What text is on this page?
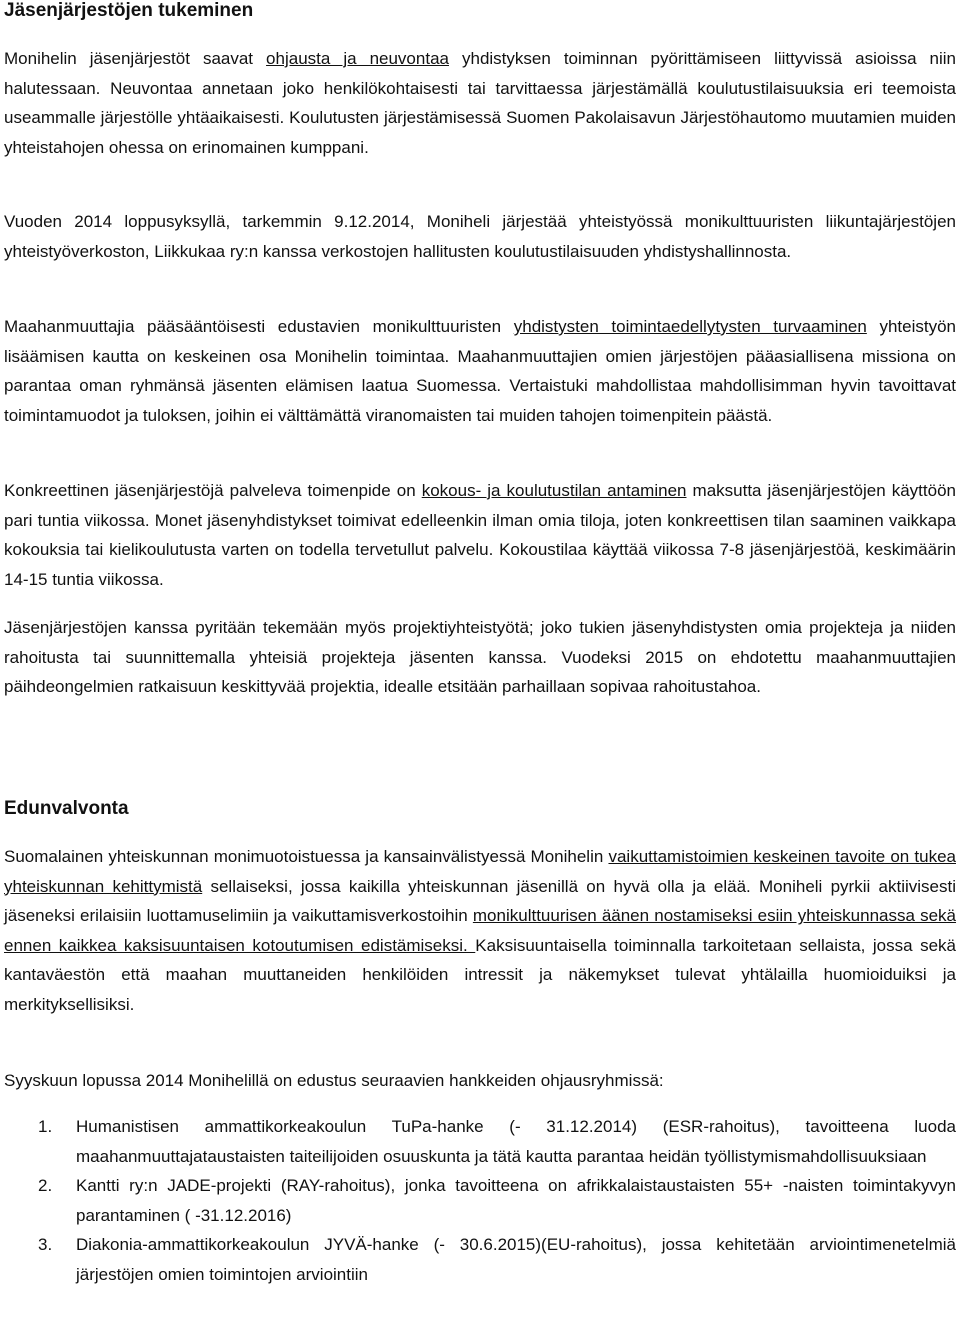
Jäsenjärjestöjen tukeminen

Monihelin jäsenjärjestöt saavat ohjausta ja neuvontaa yhdistyksen toiminnan pyörittämiseen liittyvissä asioissa niin halutessaan. Neuvontaa annetaan joko henkilökohtaisesti tai tarvittaessa järjestämällä koulutustilaisuuksia eri teemoista useammalle järjestölle yhtäaikaisesti. Koulutusten järjestämisessä Suomen Pakolaisavun Järjestöhautomo muutamien muiden yhteistahojen ohessa on erinomainen kumppani.

Vuoden 2014 loppusyksyllä, tarkemmin 9.12.2014, Moniheli järjestää yhteistyössä monikulttuuristen liikuntajärjestöjen yhteistyöverkoston, Liikkukaa ry:n kanssa verkostojen hallitusten koulutustilaisuuden yhdistyshallinnosta.

Maahanmuuttajia pääsääntöisesti edustavien monikulttuuristen yhdistysten toimintaedellytysten turvaaminen yhteistyön lisäämisen kautta on keskeinen osa Monihelin toimintaa. Maahanmuuttajien omien järjestöjen pääasiallisena missiona on parantaa oman ryhmänsä jäsenten elämisen laatua Suomessa. Vertaistuki mahdollistaa mahdollisimman hyvin tavoittavat toimintamuodot ja tuloksen, joihin ei välttämättä viranomaisten tai muiden tahojen toimenpitein päästä.

Konkreettinen jäsenjärjestöjä palveleva toimenpide on kokous- ja koulutustilan antaminen maksutta jäsenjärjestöjen käyttöön pari tuntia viikossa. Monet jäsenyhdistykset toimivat edelleenkin ilman omia tiloja, joten konkreettisen tilan saaminen vaikkapa kokouksia tai kielikoulutusta varten on todella tervetullut palvelu. Kokoustilaa käyttää viikossa 7-8 jäsenjärjestöä, keskimäärin 14-15 tuntia viikossa.

Jäsenjärjestöjen kanssa pyritään tekemään myös projektiyhteistyötä; joko tukien jäsenyhdistysten omia projekteja ja niiden rahoitusta tai suunnittemalla yhteisiä projekteja jäsenten kanssa. Vuodeksi 2015 on ehdotettu maahanmuuttajien päihdeongelmien ratkaisuun keskittyvää projektia, idealle etsitään parhaillaan sopivaa rahoitustahoa.

Edunvalvonta

Suomalainen yhteiskunnan monimuotoistuessa ja kansainvälistyessä Monihelin vaikuttamistoimien keskeinen tavoite on tukea yhteiskunnan kehittymistä sellaiseksi, jossa kaikilla yhteiskunnan jäsenillä on hyvä olla ja elää. Moniheli pyrkii aktiivisesti jäseneksi erilaisiin luottamuselimiin ja vaikuttamisverkostoihin monikulttuurisen äänen nostamiseksi esiin yhteiskunnassa sekä ennen kaikkea kaksisuuntaisen kotoutumisen edistämiseksi. Kaksisuuntaisella toiminnalla tarkoitetaan sellaista, jossa sekä kantaväestön että maahan muuttaneiden henkilöiden intressit ja näkemykset tulevat yhtälailla huomioiduiksi ja merkityksellisiksi.

Syyskuun lopussa 2014 Monihelillä on edustus seuraavien hankkeiden ohjausryhmissä:

1. Humanistisen ammattikorkeakoulun TuPa-hanke (- 31.12.2014) (ESR-rahoitus), tavoitteena luoda maahanmuuttajataustaisten taiteilijoiden osuuskunta ja tätä kautta parantaa heidän työllistymismahdollisuuksiaan
2. Kantti ry:n JADE-projekti (RAY-rahoitus), jonka tavoitteena on afrikkalaistaustaisten 55+ -naisten toimintakyvyn parantaminen ( -31.12.2016)
3. Diakonia-ammattikorkeakoulun JYVÄ-hanke (- 30.6.2015)(EU-rahoitus), jossa kehitetään arviointimenetelmiä järjestöjen omien toimintojen arviointiin
